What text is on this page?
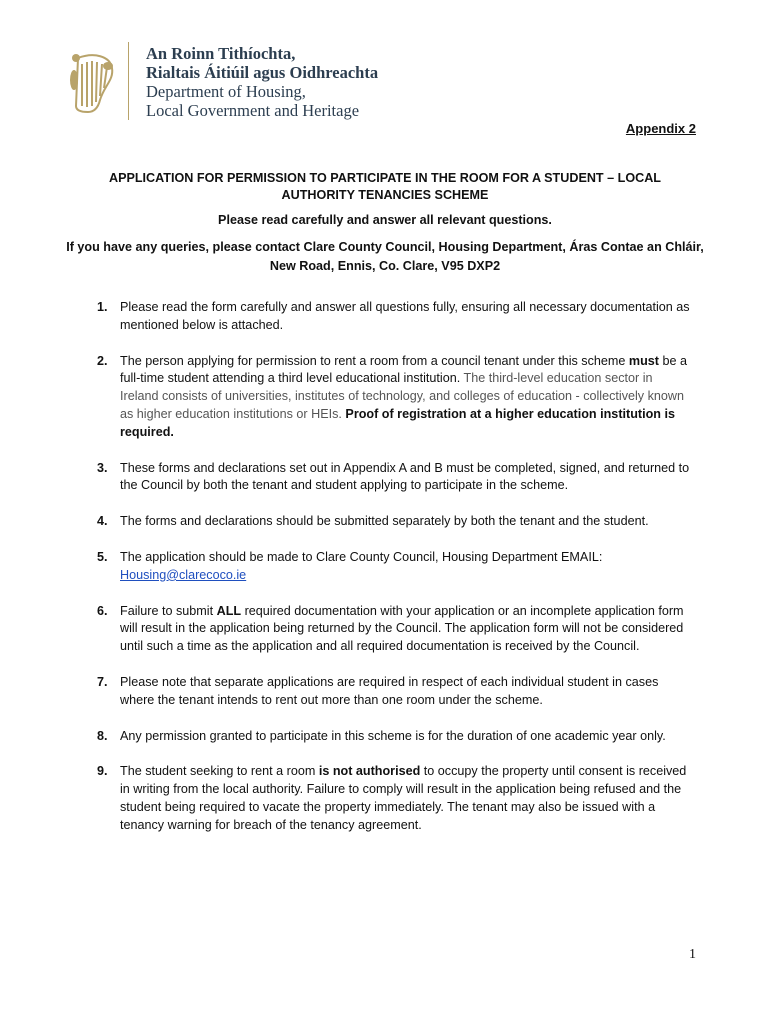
An Roinn Tithíochta,
Rialtais Áitiúil agus Oidhreachta
Department of Housing,
Local Government and Heritage
Appendix 2
APPLICATION FOR PERMISSION TO PARTICIPATE IN THE ROOM FOR A STUDENT – LOCAL AUTHORITY TENANCIES SCHEME
Please read carefully and answer all relevant questions.
If you have any queries, please contact Clare County Council, Housing Department, Áras Contae an Chláir, New Road, Ennis, Co. Clare, V95 DXP2
1. Please read the form carefully and answer all questions fully, ensuring all necessary documentation as mentioned below is attached.
2. The person applying for permission to rent a room from a council tenant under this scheme must be a full-time student attending a third level educational institution. The third-level education sector in Ireland consists of universities, institutes of technology, and colleges of education - collectively known as higher education institutions or HEIs. Proof of registration at a higher education institution is required.
3. These forms and declarations set out in Appendix A and B must be completed, signed, and returned to the Council by both the tenant and student applying to participate in the scheme.
4. The forms and declarations should be submitted separately by both the tenant and the student.
5. The application should be made to Clare County Council, Housing Department EMAIL: Housing@clarecoco.ie
6. Failure to submit ALL required documentation with your application or an incomplete application form will result in the application being returned by the Council. The application form will not be considered until such a time as the application and all required documentation is received by the Council.
7. Please note that separate applications are required in respect of each individual student in cases where the tenant intends to rent out more than one room under the scheme.
8. Any permission granted to participate in this scheme is for the duration of one academic year only.
9. The student seeking to rent a room is not authorised to occupy the property until consent is received in writing from the local authority. Failure to comply will result in the application being refused and the student being required to vacate the property immediately. The tenant may also be issued with a tenancy warning for breach of the tenancy agreement.
1
